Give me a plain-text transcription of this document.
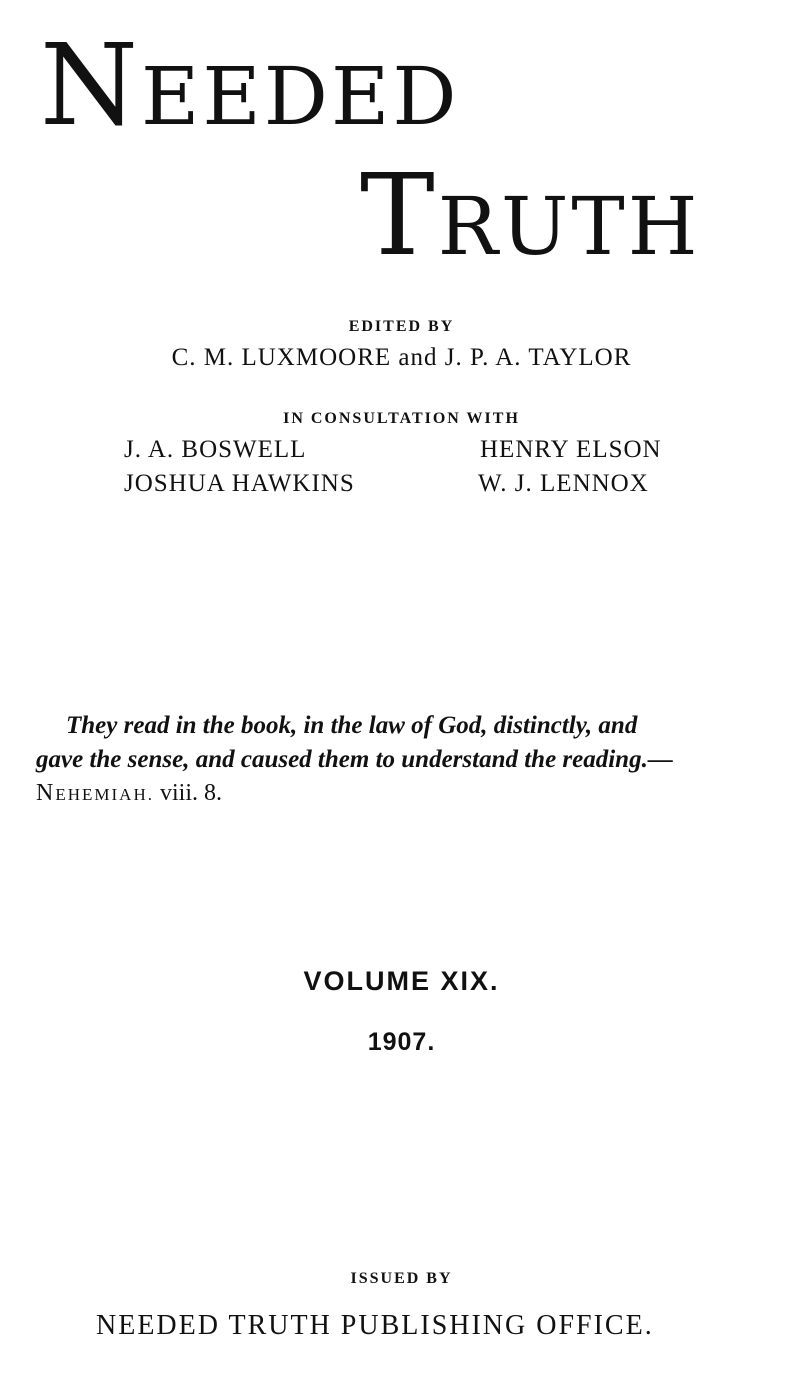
NEEDED
TRUTH

EDITED BY

C. M. LUXMOORE and J. P. A. TAYLOR

IN CONSULTATION WITH

J. A. BOSWELL	HENRY ELSON

JOSHUA HAWKINS	W. J. LENNOX

They read in the book, in the law of God, distinctly, and

gave the sense, and caused them to understand the reading.—

NEHEMIAH. viii. 8.

VOLUME XIX.

1907.

ISSUED BY

NEEDED TRUTH PUBLISHING OFFICE.
